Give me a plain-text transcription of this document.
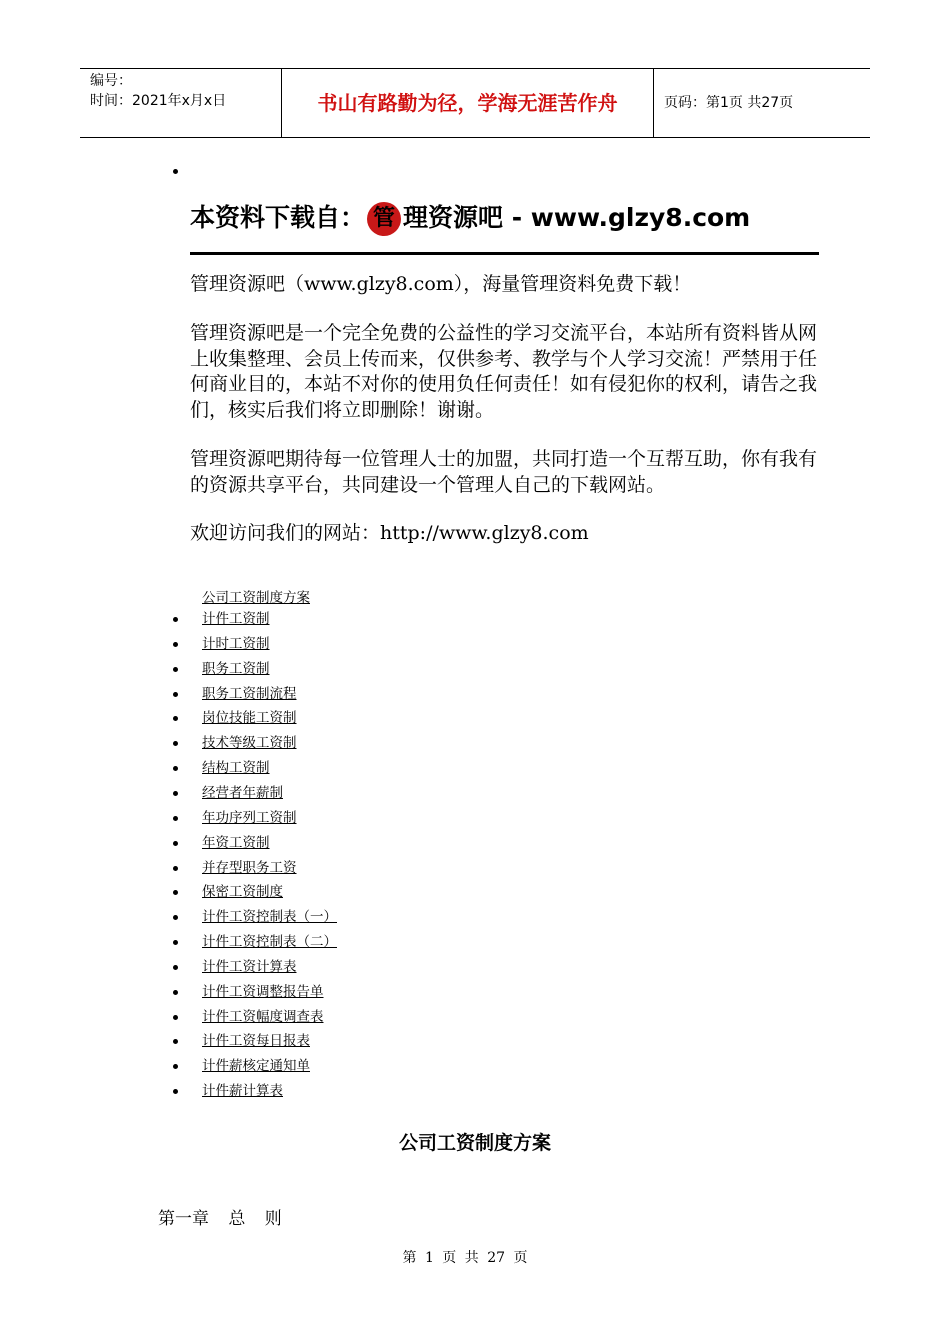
编号：
时间：2021年x月x日	书山有路勤为径，学海无涯苦作舟	页码：第1页 共27页
本资料下载自： 管 理资源吧 - www.glzy8.com
管理资源吧（www.glzy8.com），海量管理资料免费下载！
管理资源吧是一个完全免费的公益性的学习交流平台，本站所有资料皆从网上收集整理、会员上传而来，仅供参考、教学与个人学习交流！严禁用于任何商业目的，本站不对你的使用负任何责任！如有侵犯你的权利，请告之我们，核实后我们将立即删除！谢谢。
管理资源吧期待每一位管理人士的加盟，共同打造一个互帮互助，你有我有的资源共享平台，共同建设一个管理人自己的下载网站。
欢迎访问我们的网站：http://www.glzy8.com
公司工资制度方案
计件工资制
计时工资制
职务工资制
职务工资制流程
岗位技能工资制
技术等级工资制
结构工资制
经营者年薪制
年功序列工资制
年资工资制
并存型职务工资
保密工资制度
计件工资控制表（一）
计件工资控制表（二）
计件工资计算表
计件工资调整报告单
计件工资幅度调查表
计件工资每日报表
计件薪核定通知单
计件薪计算表
公司工资制度方案
第一章 总 则
第 1 页 共 27 页
